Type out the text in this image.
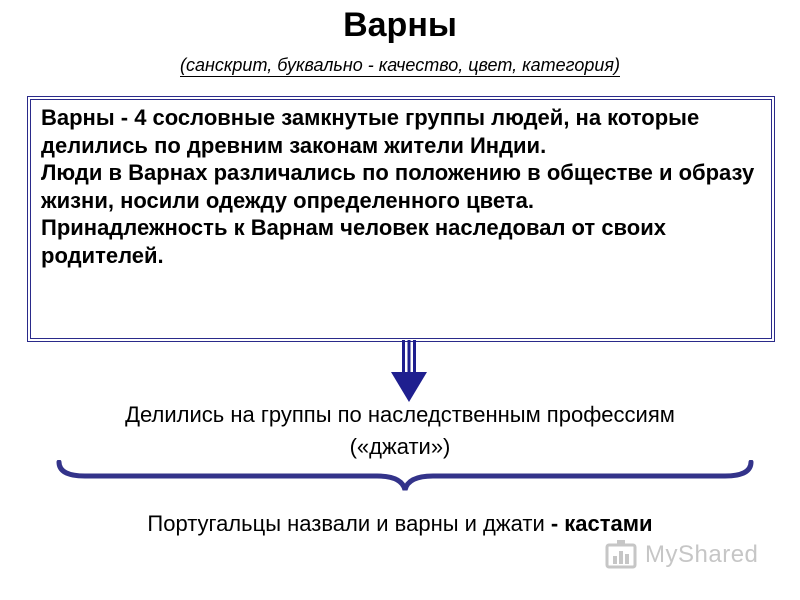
Варны
(санскрит, буквально - качество, цвет, категория)

Варны - 4 сословные замкнутые группы людей, на которые делились по древним законам жители Индии.

Люди в Варнах различались по положению в обществе и образу жизни, носили одежду определенного цвета.

Принадлежность к Варнам человек наследовал от своих родителей.

Делились на группы по наследственным профессиям
(«джати»)
Португальцы назвали и варны и джати - кастами
MyShared
